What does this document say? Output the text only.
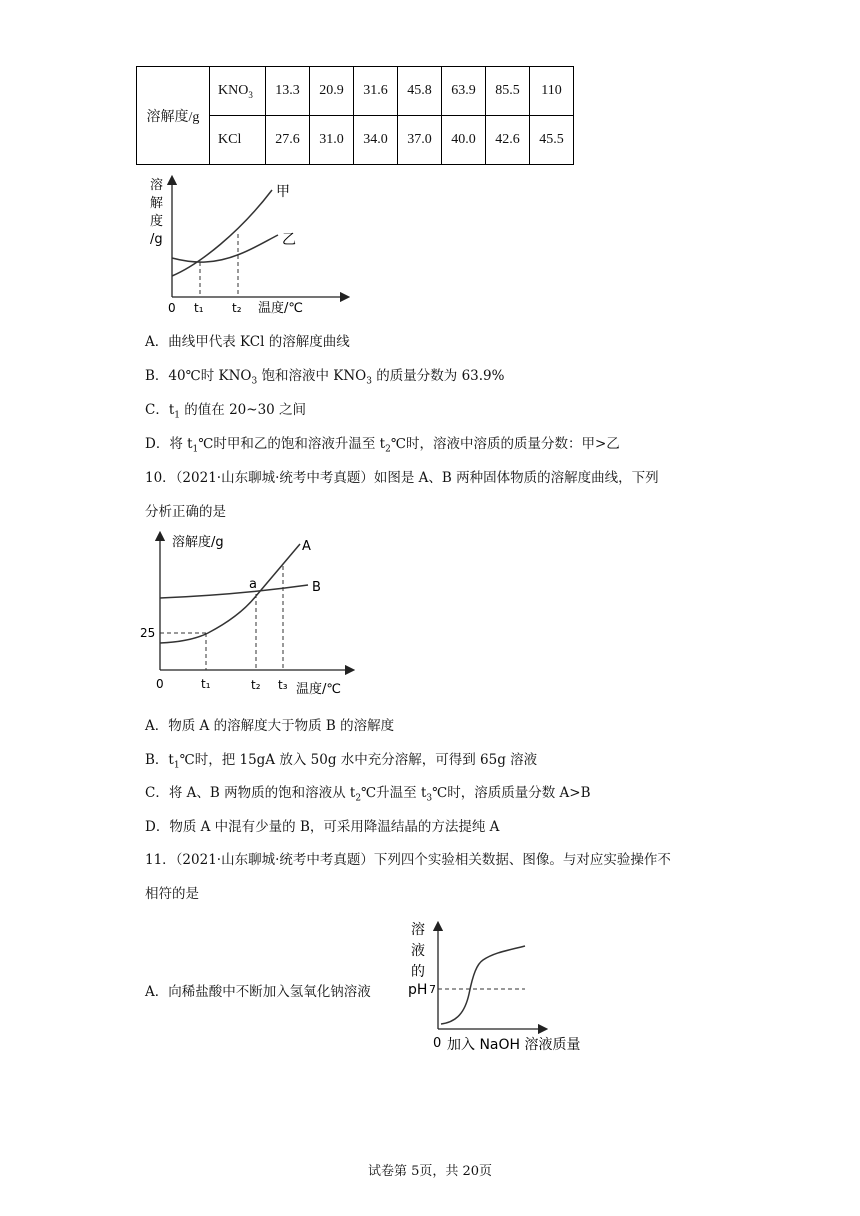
溶解度/g	$KNO_3$	13.3	20.9	31.6	45.8	63.9	85.5	110
	KCl	27.6	31.0	34.0	37.0	40.0	42.6	45.5
溶
解
度
/g
甲
乙
0 t₁ t₂ 温度/℃
A．曲线甲代表 KCl 的溶解度曲线
B．40℃时 $KNO_3$ 饱和溶液中 $KNO_3$ 的质量分数为 63.9%
C．$t_1$ 的值在 20~30 之间
D．将 $t_1℃$时甲和乙的饱和溶液升温至 $t_2℃$时，溶液中溶质的质量分数：甲>乙
10．（2021·山东聊城·统考中考真题）如图是 A、B 两种固体物质的溶解度曲线，下列
分析正确的是
溶解度/g
25
a
A
B
0	t₁	t₂ t₃ 温度/℃
A．物质 A 的溶解度大于物质 B 的溶解度
B．$t_1℃$时，把 15gA 放入 50g 水中充分溶解，可得到 65g 溶液
C．将 A、B 两物质的饱和溶液从 $t_2℃$升温至 $t_3℃$时，溶质质量分数 A>B
D．物质 A 中混有少量的 B，可采用降温结晶的方法提纯 A
11．（2021·山东聊城·统考中考真题）下列四个实验相关数据、图像。与对应实验操作不
相符的是
A．向稀盐酸中不断加入氢氧化钠溶液
溶
液
的
pH 7
0 加入 NaOH 溶液质量
试卷第 5页，共 20页
